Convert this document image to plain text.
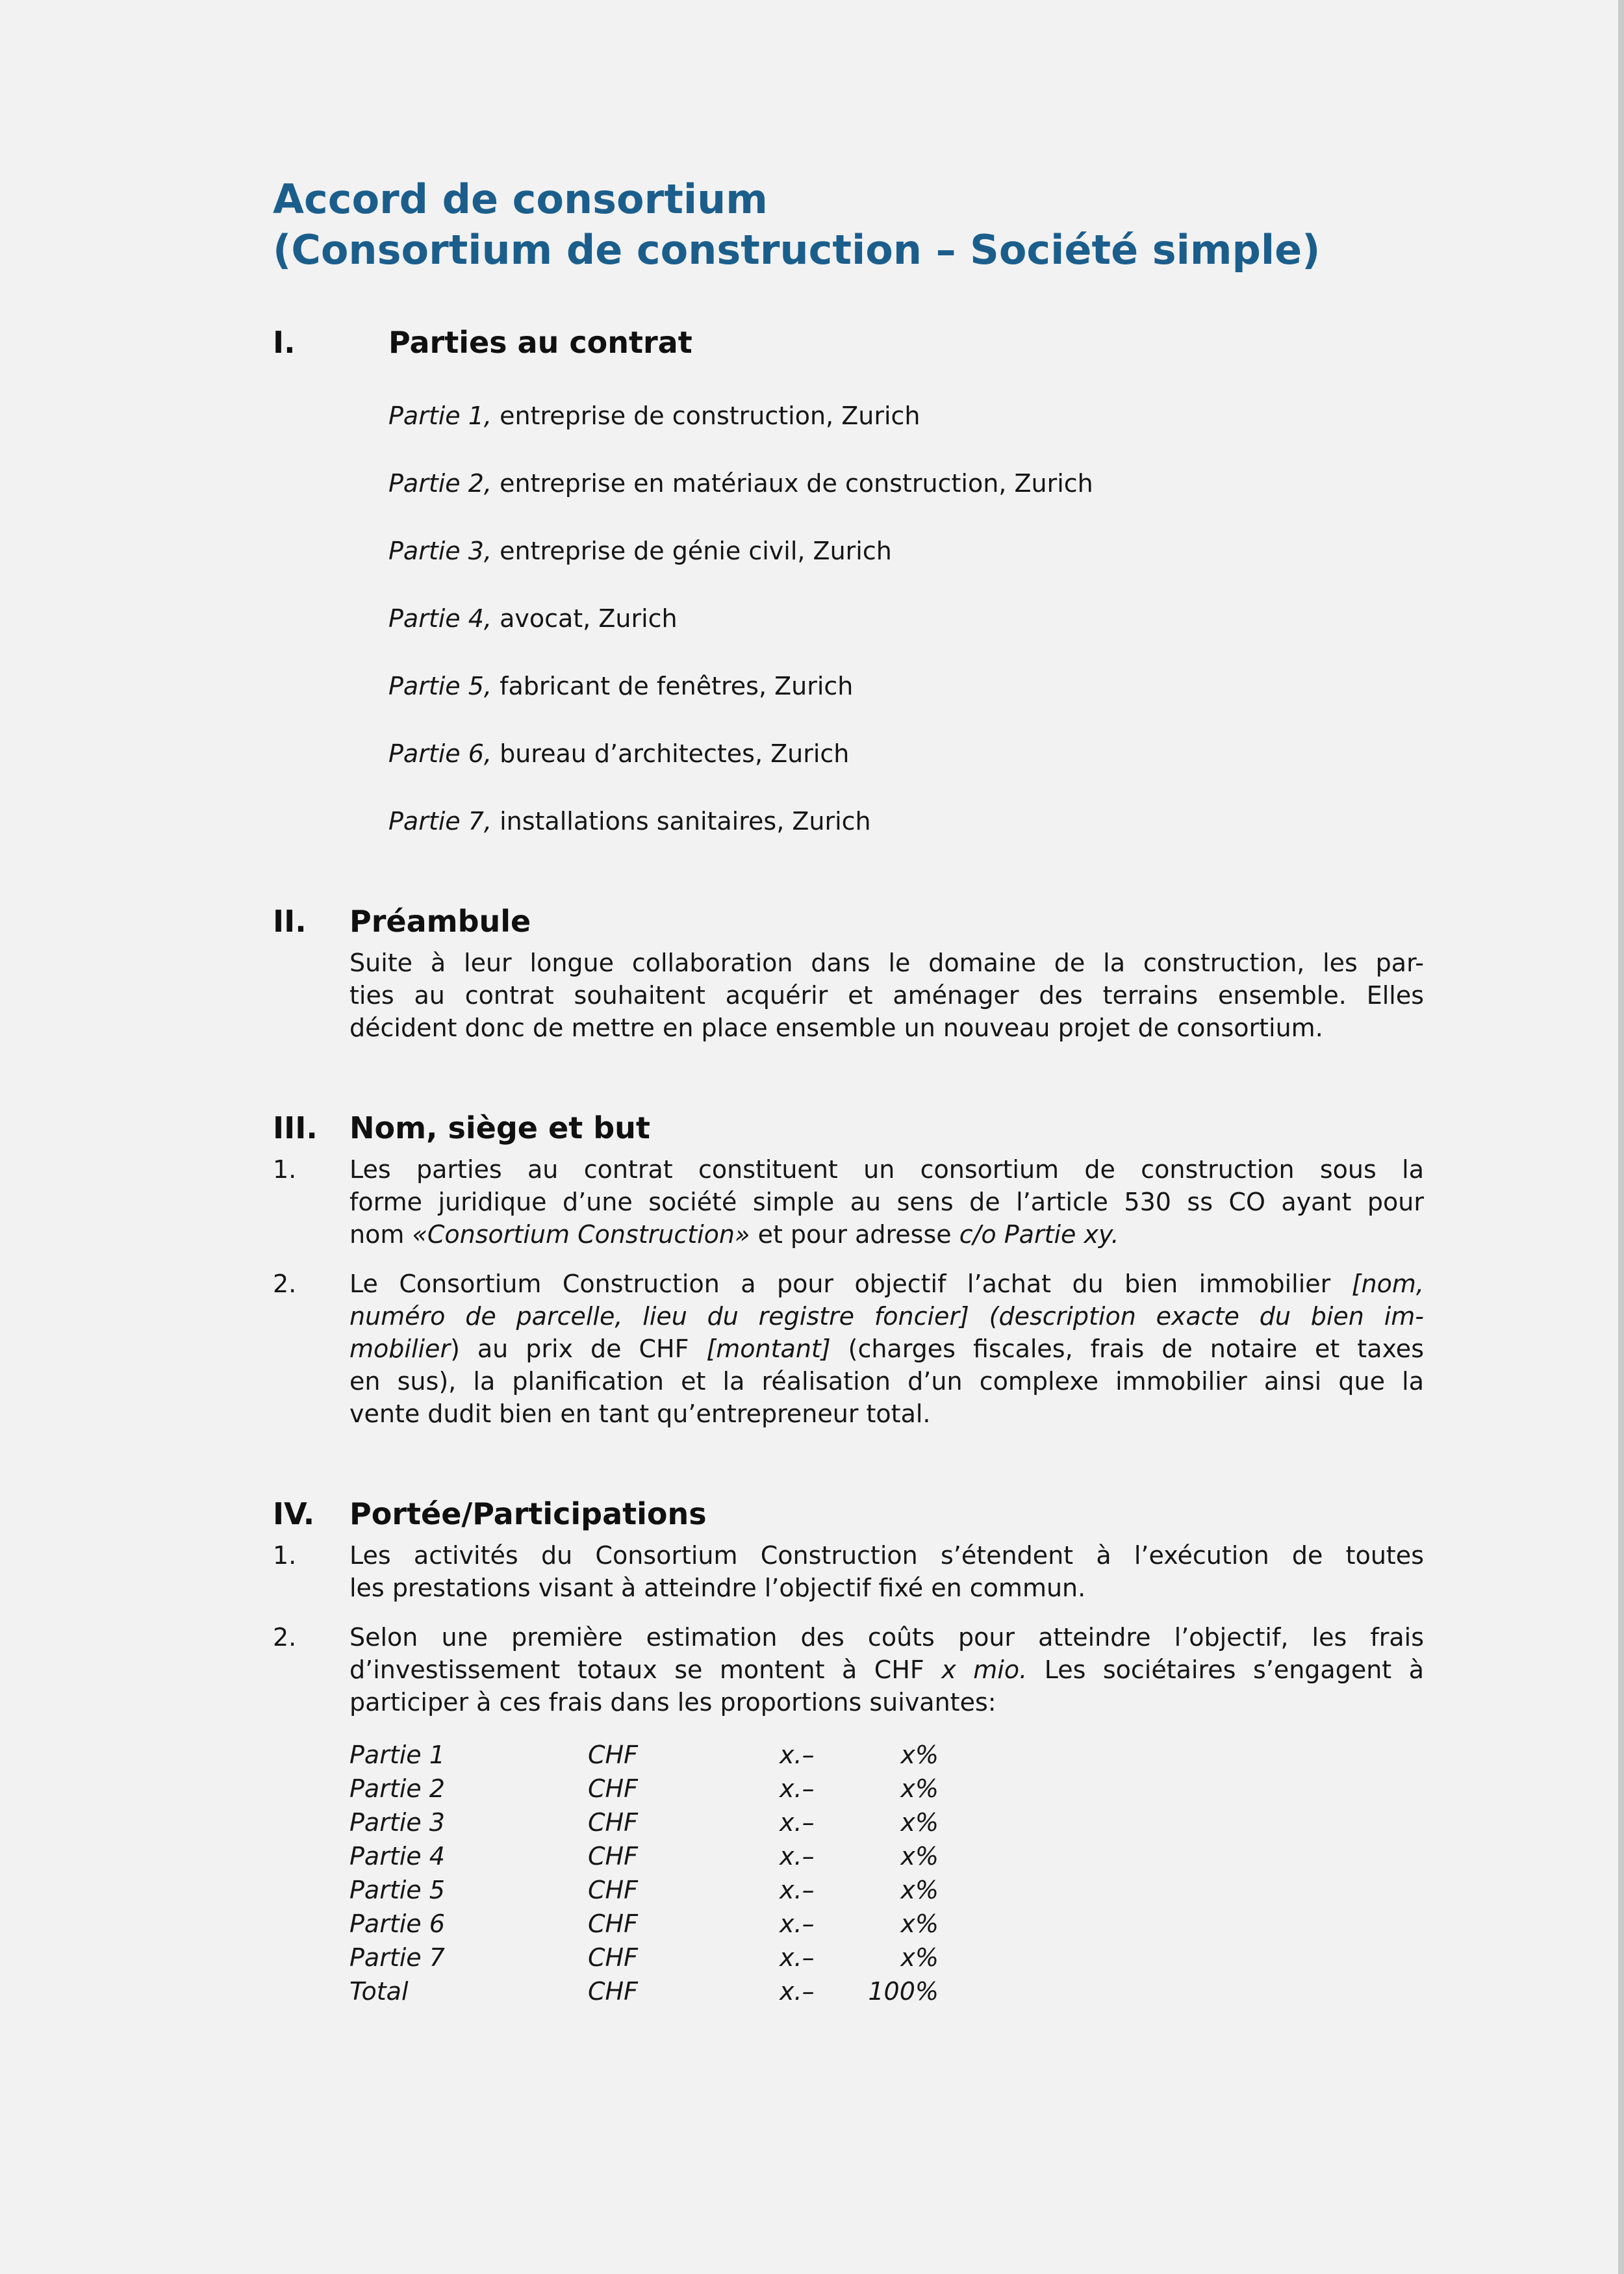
Accord de consortium
(Consortium de construction – Société simple)
I.	Parties au contrat
Partie 1, entreprise de construction, Zurich
Partie 2, entreprise en matériaux de construction, Zurich
Partie 3, entreprise de génie civil, Zurich
Partie 4, avocat, Zurich
Partie 5, fabricant de fenêtres, Zurich
Partie 6, bureau d’architectes, Zurich
Partie 7, installations sanitaires, Zurich
II.	Préambule
Suite à leur longue collaboration dans le domaine de la construction, les par-
ties au contrat souhaitent acquérir et aménager des terrains ensemble. Elles
décident donc de mettre en place ensemble un nouveau projet de consortium.
III.	Nom, siège et but
1.	Les parties au contrat constituent un consortium de construction sous la
forme juridique d’une société simple au sens de l’article 530 ss CO ayant pour
nom «Consortium Construction» et pour adresse c/o Partie xy.
2.	Le Consortium Construction a pour objectif l’achat du bien immobilier [nom,
numéro de parcelle, lieu du registre foncier] (description exacte du bien im-
mobilier) au prix de CHF [montant] (charges fiscales, frais de notaire et taxes
en sus), la planification et la réalisation d’un complexe immobilier ainsi que la
vente dudit bien en tant qu’entrepreneur total.
IV.	Portée/Participations
1.	Les activités du Consortium Construction s’étendent à l’exécution de toutes
les prestations visant à atteindre l’objectif fixé en commun.
2.	Selon une première estimation des coûts pour atteindre l’objectif, les frais
d’investissement totaux se montent à CHF x mio. Les sociétaires s’engagent à
participer à ces frais dans les proportions suivantes:
Partie 1	CHF	x.–	x%
Partie 2	CHF	x.–	x%
Partie 3	CHF	x.–	x%
Partie 4	CHF	x.–	x%
Partie 5	CHF	x.–	x%
Partie 6	CHF	x.–	x%
Partie 7	CHF	x.–	x%
Total	CHF	x.–	100%
